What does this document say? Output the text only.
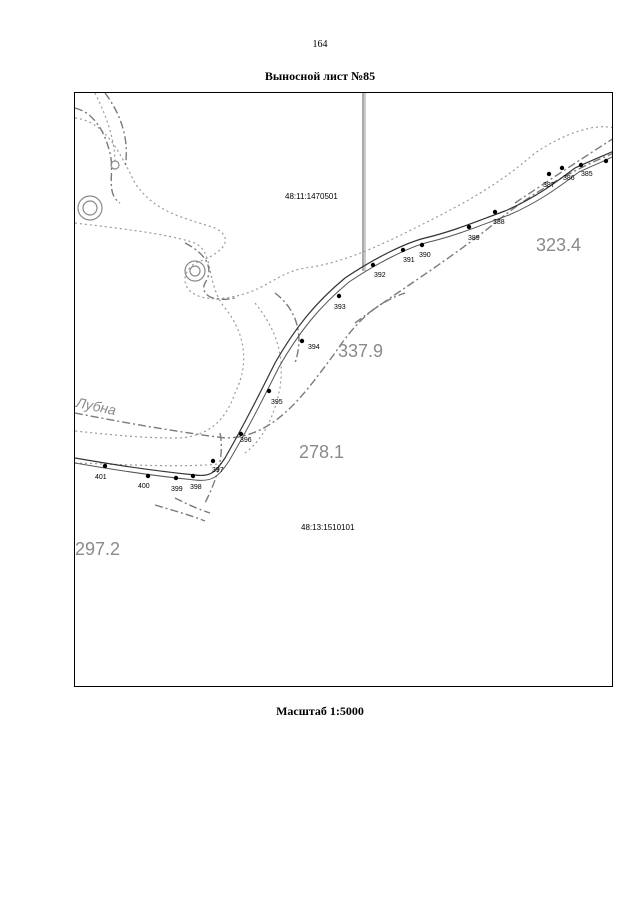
164
Выносной лист №85
385
386
387
388
389
390
391
392
393
394
395
396
397
398
399
400
401
48:11:1470501
48:13:1510101
323.4
337.9
278.1
297.2
Лубна
Масштаб 1:5000
